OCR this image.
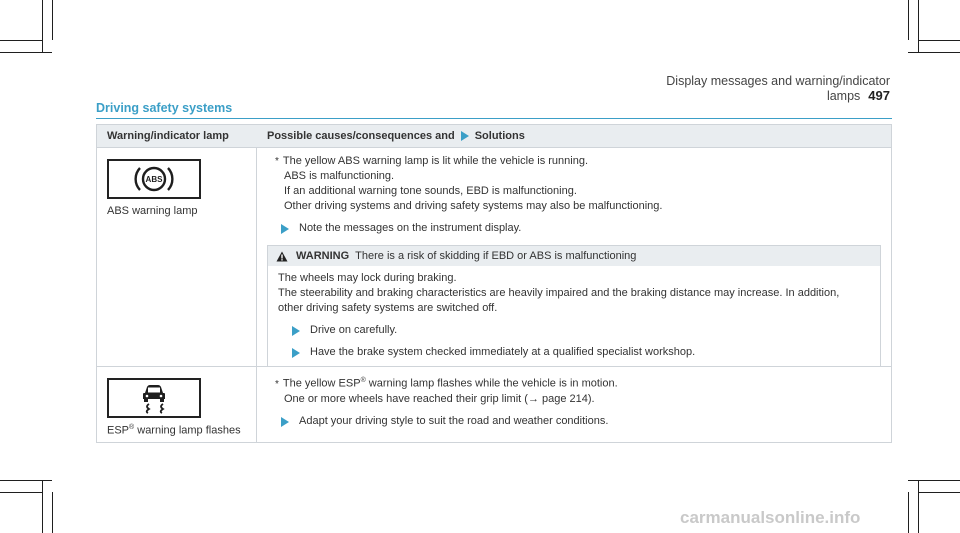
Display messages and warning/indicator lamps 497
Driving safety systems
Warning/indicator lamp	Possible causes/consequences and Solutions
ABS
ABS warning lamp
* The yellow ABS warning lamp is lit while the vehicle is running.
ABS is malfunctioning.
If an additional warning tone sounds, EBD is malfunctioning.
Other driving systems and driving safety systems may also be malfunctioning.
Note the messages on the instrument display.
WARNING There is a risk of skidding if EBD or ABS is malfunctioning
The wheels may lock during braking.
The steerability and braking characteristics are heavily impaired and the braking distance may increase. In addition,
other driving safety systems are switched off.
Drive on carefully.
Have the brake system checked immediately at a qualified specialist workshop.
ESP® warning lamp flashes
* The yellow ESP® warning lamp flashes while the vehicle is in motion.
One or more wheels have reached their grip limit (→ page 214).
Adapt your driving style to suit the road and weather conditions.
carmanualsonline.info
